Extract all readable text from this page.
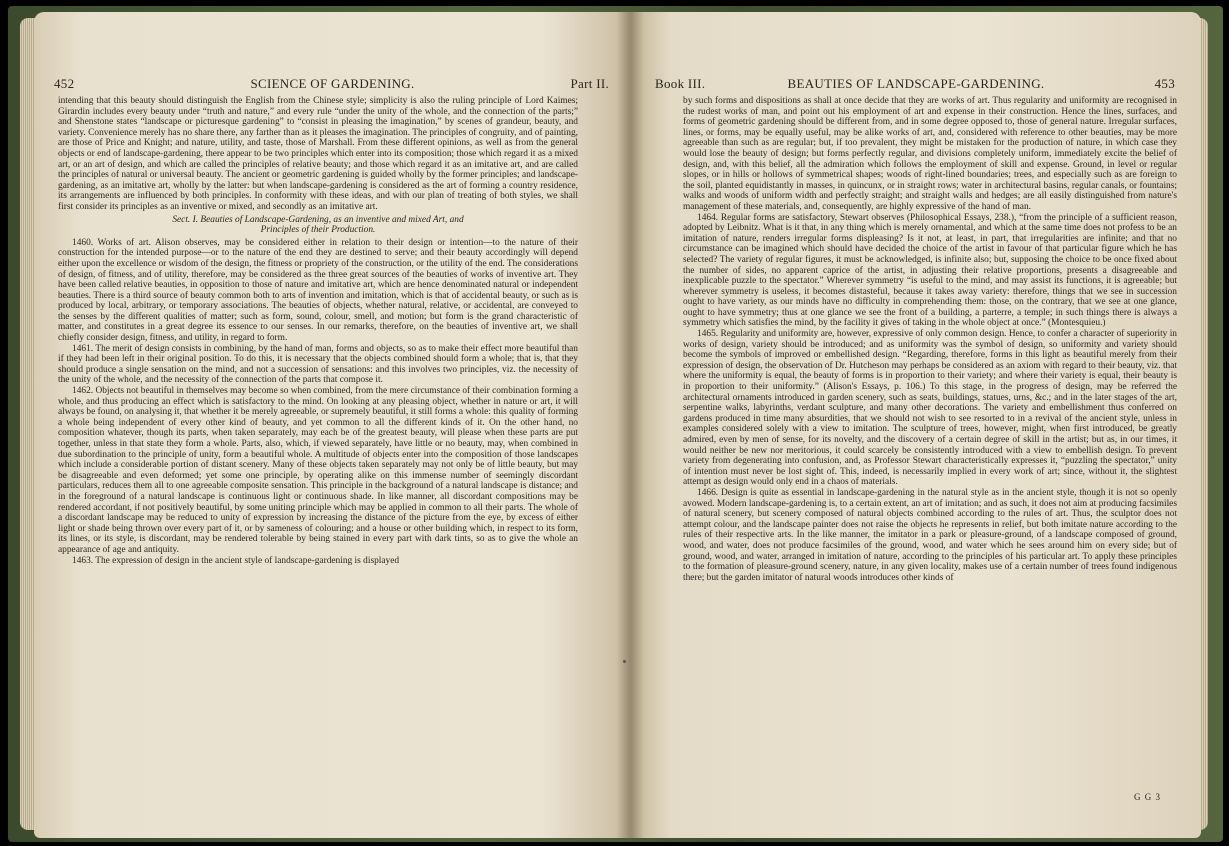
452	SCIENCE OF GARDENING.	Part II.

intending that this beauty should distinguish the English from the Chinese style; simplicity is also the ruling principle of Lord Kaimes; Girardin includes every beauty under “truth and nature,” and every rule “under the unity of the whole, and the connection of the parts;” and Shenstone states “landscape or picturesque gardening” to “consist in pleasing the imagination,” by scenes of grandeur, beauty, and variety. Convenience merely has no share there, any farther than as it pleases the imagination. The principles of congruity, and of painting, are those of Price and Knight; and nature, utility, and taste, those of Marshall. From these different opinions, as well as from the general objects or end of landscape-gardening, there appear to be two principles which enter into its composition; those which regard it as a mixed art, or an art of design, and which are called the principles of relative beauty; and those which regard it as an imitative art, and are called the principles of natural or universal beauty. The ancient or geometric gardening is guided wholly by the former principles; and landscape-gardening, as an imitative art, wholly by the latter: but when landscape-gardening is considered as the art of forming a country residence, its arrangements are influenced by both principles. In conformity with these ideas, and with our plan of treating of both styles, we shall first consider its principles as an inventive or mixed, and secondly as an imitative art.

Sect. I. Beauties of Landscape-Gardening, as an inventive and mixed Art, and
Principles of their Production.

1460. Works of art. Alison observes, may be considered either in relation to their design or intention—to the nature of their construction for the intended purpose—or to the nature of the end they are destined to serve; and their beauty accordingly will depend either upon the excellence or wisdom of the design, the fitness or propriety of the construction, or the utility of the end. The considerations of design, of fitness, and of utility, therefore, may be considered as the three great sources of the beauties of works of inventive art. They have been called relative beauties, in opposition to those of nature and imitative art, which are hence denominated natural or independent beauties. There is a third source of beauty common both to arts of invention and imitation, which is that of accidental beauty, or such as is produced by local, arbitrary, or temporary associations. The beauties of objects, whether natural, relative, or accidental, are conveyed to the senses by the different qualities of matter; such as form, sound, colour, smell, and motion; but form is the grand characteristic of matter, and constitutes in a great degree its essence to our senses. In our remarks, therefore, on the beauties of inventive art, we shall chiefly consider design, fitness, and utility, in regard to form.

1461. The merit of design consists in combining, by the hand of man, forms and objects, so as to make their effect more beautiful than if they had been left in their original position. To do this, it is necessary that the objects combined should form a whole; that is, that they should produce a single sensation on the mind, and not a succession of sensations: and this involves two principles, viz. the necessity of the unity of the whole, and the necessity of the connection of the parts that compose it.

1462. Objects not beautiful in themselves may become so when combined, from the mere circumstance of their combination forming a whole, and thus producing an effect which is satisfactory to the mind. On looking at any pleasing object, whether in nature or art, it will always be found, on analysing it, that whether it be merely agreeable, or supremely beautiful, it still forms a whole: this quality of forming a whole being independent of every other kind of beauty, and yet common to all the different kinds of it. On the other hand, no composition whatever, though its parts, when taken separately, may each be of the greatest beauty, will please when these parts are put together, unless in that state they form a whole. Parts, also, which, if viewed separately, have little or no beauty, may, when combined in due subordination to the principle of unity, form a beautiful whole. A multitude of objects enter into the composition of those landscapes which include a considerable portion of distant scenery. Many of these objects taken separately may not only be of little beauty, but may be disagreeable and even deformed; yet some one principle, by operating alike on this immense number of seemingly discordant particulars, reduces them all to one agreeable composite sensation. This principle in the background of a natural landscape is distance; and in the foreground of a natural landscape is continuous light or continuous shade. In like manner, all discordant compositions may be rendered accordant, if not positively beautiful, by some uniting principle which may be applied in common to all their parts. The whole of a discordant landscape may be reduced to unity of expression by increasing the distance of the picture from the eye, by excess of either light or shade being thrown over every part of it, or by sameness of colouring; and a house or other building which, in respect to its form, its lines, or its style, is discordant, may be rendered tolerable by being stained in every part with dark tints, so as to give the whole an appearance of age and antiquity.

1463. The expression of design in the ancient style of landscape-gardening is displayed

Book III.	BEAUTIES OF LANDSCAPE-GARDENING.	453

by such forms and dispositions as shall at once decide that they are works of art. Thus regularity and uniformity are recognised in the rudest works of man, and point out his employment of art and expense in their construction. Hence the lines, surfaces, and forms of geometric gardening should be different from, and in some degree opposed to, those of general nature. Irregular surfaces, lines, or forms, may be equally useful, may be alike works of art, and, considered with reference to other beauties, may be more agreeable than such as are regular; but, if too prevalent, they might be mistaken for the production of nature, in which case they would lose the beauty of design; but forms perfectly regular, and divisions completely uniform, immediately excite the belief of design, and, with this belief, all the admiration which follows the employment of skill and expense. Ground, in level or regular slopes, or in hills or hollows of symmetrical shapes; woods of right-lined boundaries; trees, and especially such as are foreign to the soil, planted equidistantly in masses, in quincunx, or in straight rows; water in architectural basins, regular canals, or fountains; walks and woods of uniform width and perfectly straight; and straight walls and hedges; are all easily distinguished from nature's management of these materials, and, consequently, are highly expressive of the hand of man.

1464. Regular forms are satisfactory, Stewart observes (Philosophical Essays, 238.), “from the principle of a sufficient reason, adopted by Leibnitz. What is it that, in any thing which is merely ornamental, and which at the same time does not profess to be an imitation of nature, renders irregular forms displeasing? Is it not, at least, in part, that irregularities are infinite; and that no circumstance can be imagined which should have decided the choice of the artist in favour of that particular figure which he has selected? The variety of regular figures, it must be acknowledged, is infinite also; but, supposing the choice to be once fixed about the number of sides, no apparent caprice of the artist, in adjusting their relative proportions, presents a disagreeable and inexplicable puzzle to the spectator.” Wherever symmetry “is useful to the mind, and may assist its functions, it is agreeable; but wherever symmetry is useless, it becomes distasteful, because it takes away variety: therefore, things that we see in succession ought to have variety, as our minds have no difficulty in comprehending them: those, on the contrary, that we see at one glance, ought to have symmetry; thus at one glance we see the front of a building, a parterre, a temple; in such things there is always a symmetry which satisfies the mind, by the facility it gives of taking in the whole object at once.” (Montesquieu.)

1465. Regularity and uniformity are, however, expressive of only common design. Hence, to confer a character of superiority in works of design, variety should be introduced; and as uniformity was the symbol of design, so uniformity and variety should become the symbols of improved or embellished design. “Regarding, therefore, forms in this light as beautiful merely from their expression of design, the observation of Dr. Hutcheson may perhaps be considered as an axiom with regard to their beauty, viz. that where the uniformity is equal, the beauty of forms is in proportion to their variety; and where their variety is equal, their beauty is in proportion to their uniformity.” (Alison's Essays, p. 106.) To this stage, in the progress of design, may be referred the architectural ornaments introduced in garden scenery, such as seats, buildings, statues, urns, &c.; and in the later stages of the art, serpentine walks, labyrinths, verdant sculpture, and many other decorations. The variety and embellishment thus conferred on gardens produced in time many absurdities, that we should not wish to see resorted to in a revival of the ancient style, unless in examples considered solely with a view to imitation. The sculpture of trees, however, might, when first introduced, be greatly admired, even by men of sense, for its novelty, and the discovery of a certain degree of skill in the artist; but as, in our times, it would neither be new nor meritorious, it could scarcely be consistently introduced with a view to embellish design. To prevent variety from degenerating into confusion, and, as Professor Stewart characteristically expresses it, “puzzling the spectator,” unity of intention must never be lost sight of. This, indeed, is necessarily implied in every work of art; since, without it, the slightest attempt as design would only end in a chaos of materials.

1466. Design is quite as essential in landscape-gardening in the natural style as in the ancient style, though it is not so openly avowed. Modern landscape-gardening is, to a certain extent, an art of imitation; and as such, it does not aim at producing facsimiles of natural scenery, but scenery composed of natural objects combined according to the rules of art. Thus, the sculptor does not attempt colour, and the landscape painter does not raise the objects he represents in relief, but both imitate nature according to the rules of their respective arts. In the like manner, the imitator in a park or pleasure-ground, of a landscape composed of ground, wood, and water, does not produce facsimiles of the ground, wood, and water which he sees around him on every side; but of ground, wood, and water, arranged in imitation of nature, according to the principles of his particular art. To apply these principles to the formation of pleasure-ground scenery, nature, in any given locality, makes use of a certain number of trees found indigenous there; but the garden imitator of natural woods introduces other kinds of

G G 3
